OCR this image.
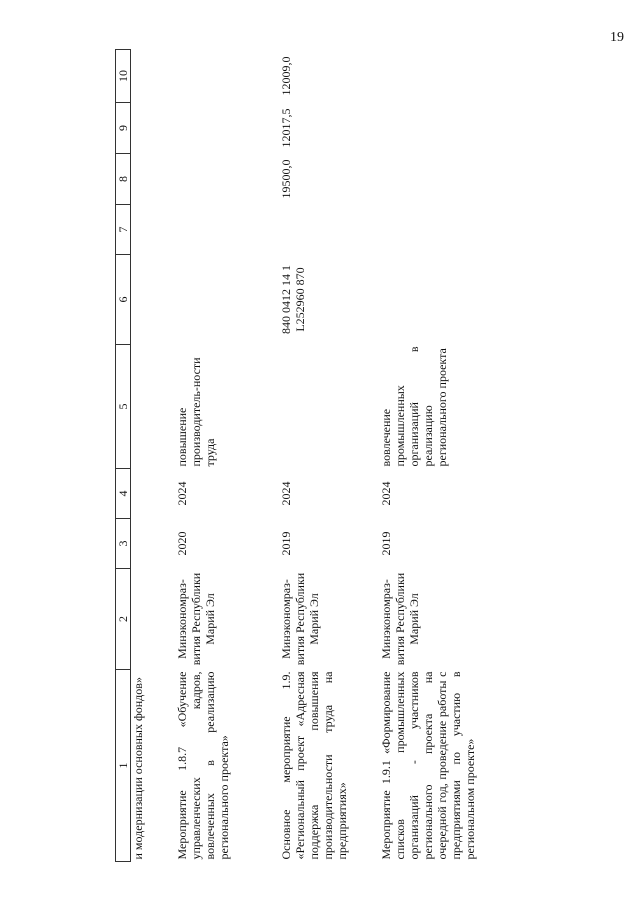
19
1	2	3	4	5	6	7	8	9	10
и модернизации основных фондов»									
Мероприятие 1.8.7 «Обучение управленческих кадров, вовлеченных в реализацию регионального проекта»	Минэкономраз-вития Республики Марий Эл	2020	2024	повышение производитель-ности труда					
Основное мероприятие 1.9. «Региональный проект «Адресная поддержка повышения производительности труда на предприятиях»	Минэкономраз-вития Республики Марий Эл	2019	2024		840 0412 14 1 L252960 870		19500,0	12017,5	12009,0
Мероприятие 1.9.1 «Формирование списков промышленных организаций - участников регионального проекта на очередной год, проведение работы с предприятиями по участию в региональном проекте»	Минэкономраз-вития Республики Марий Эл	2019	2024	вовлечение промышленных организаций в реализацию регионального проекта					
